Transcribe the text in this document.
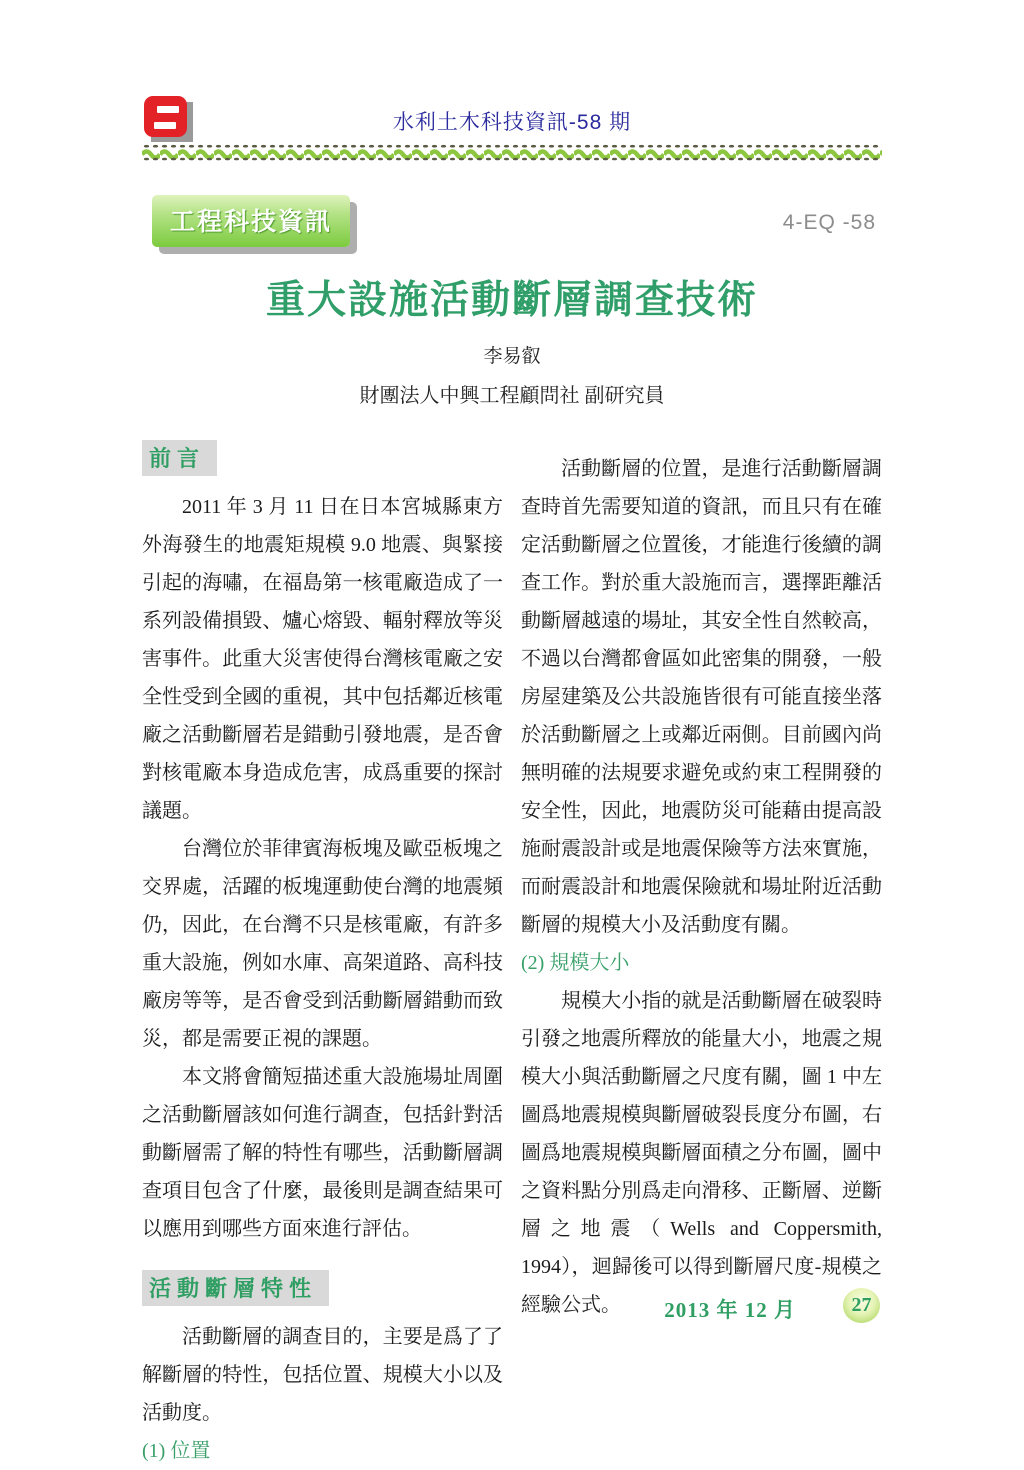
水利土木科技資訊-58 期
工程科技資訊	4-EQ -58
重大設施活動斷層調查技術
李易叡
財團法人中興工程顧問社 副研究員
前言

2011 年 3 月 11 日在日本宮城縣東方外海發生的地震矩規模 9.0 地震、與緊接引起的海嘯，在福島第一核電廠造成了一系列設備損毀、爐心熔毀、輻射釋放等災害事件。此重大災害使得台灣核電廠之安全性受到全國的重視，其中包括鄰近核電廠之活動斷層若是錯動引發地震，是否會對核電廠本身造成危害，成爲重要的探討議題。

台灣位於菲律賓海板塊及歐亞板塊之交界處，活躍的板塊運動使台灣的地震頻仍，因此，在台灣不只是核電廠，有許多重大設施，例如水庫、高架道路、高科技廠房等等，是否會受到活動斷層錯動而致災，都是需要正視的課題。

本文將會簡短描述重大設施場址周圍之活動斷層該如何進行調查，包括針對活動斷層需了解的特性有哪些，活動斷層調查項目包含了什麼，最後則是調查結果可以應用到哪些方面來進行評估。

活動斷層特性

活動斷層的調查目的，主要是爲了了解斷層的特性，包括位置、規模大小以及活動度。

(1) 位置

活動斷層的位置，是進行活動斷層調查時首先需要知道的資訊，而且只有在確定活動斷層之位置後，才能進行後續的調查工作。對於重大設施而言，選擇距離活動斷層越遠的場址，其安全性自然較高，不過以台灣都會區如此密集的開發，一般房屋建築及公共設施皆很有可能直接坐落於活動斷層之上或鄰近兩側。目前國內尚無明確的法規要求避免或約束工程開發的安全性，因此，地震防災可能藉由提高設施耐震設計或是地震保險等方法來實施，而耐震設計和地震保險就和場址附近活動斷層的規模大小及活動度有關。

(2) 規模大小

規模大小指的就是活動斷層在破裂時引發之地震所釋放的能量大小，地震之規模大小與活動斷層之尺度有關，圖 1 中左圖爲地震規模與斷層破裂長度分布圖，右圖爲地震規模與斷層面積之分布圖，圖中之資料點分別爲走向滑移、正斷層、逆斷層之地震（Wells and Coppersmith, 1994），迴歸後可以得到斷層尺度-規模之經驗公式。	2013 年 12 月	27
